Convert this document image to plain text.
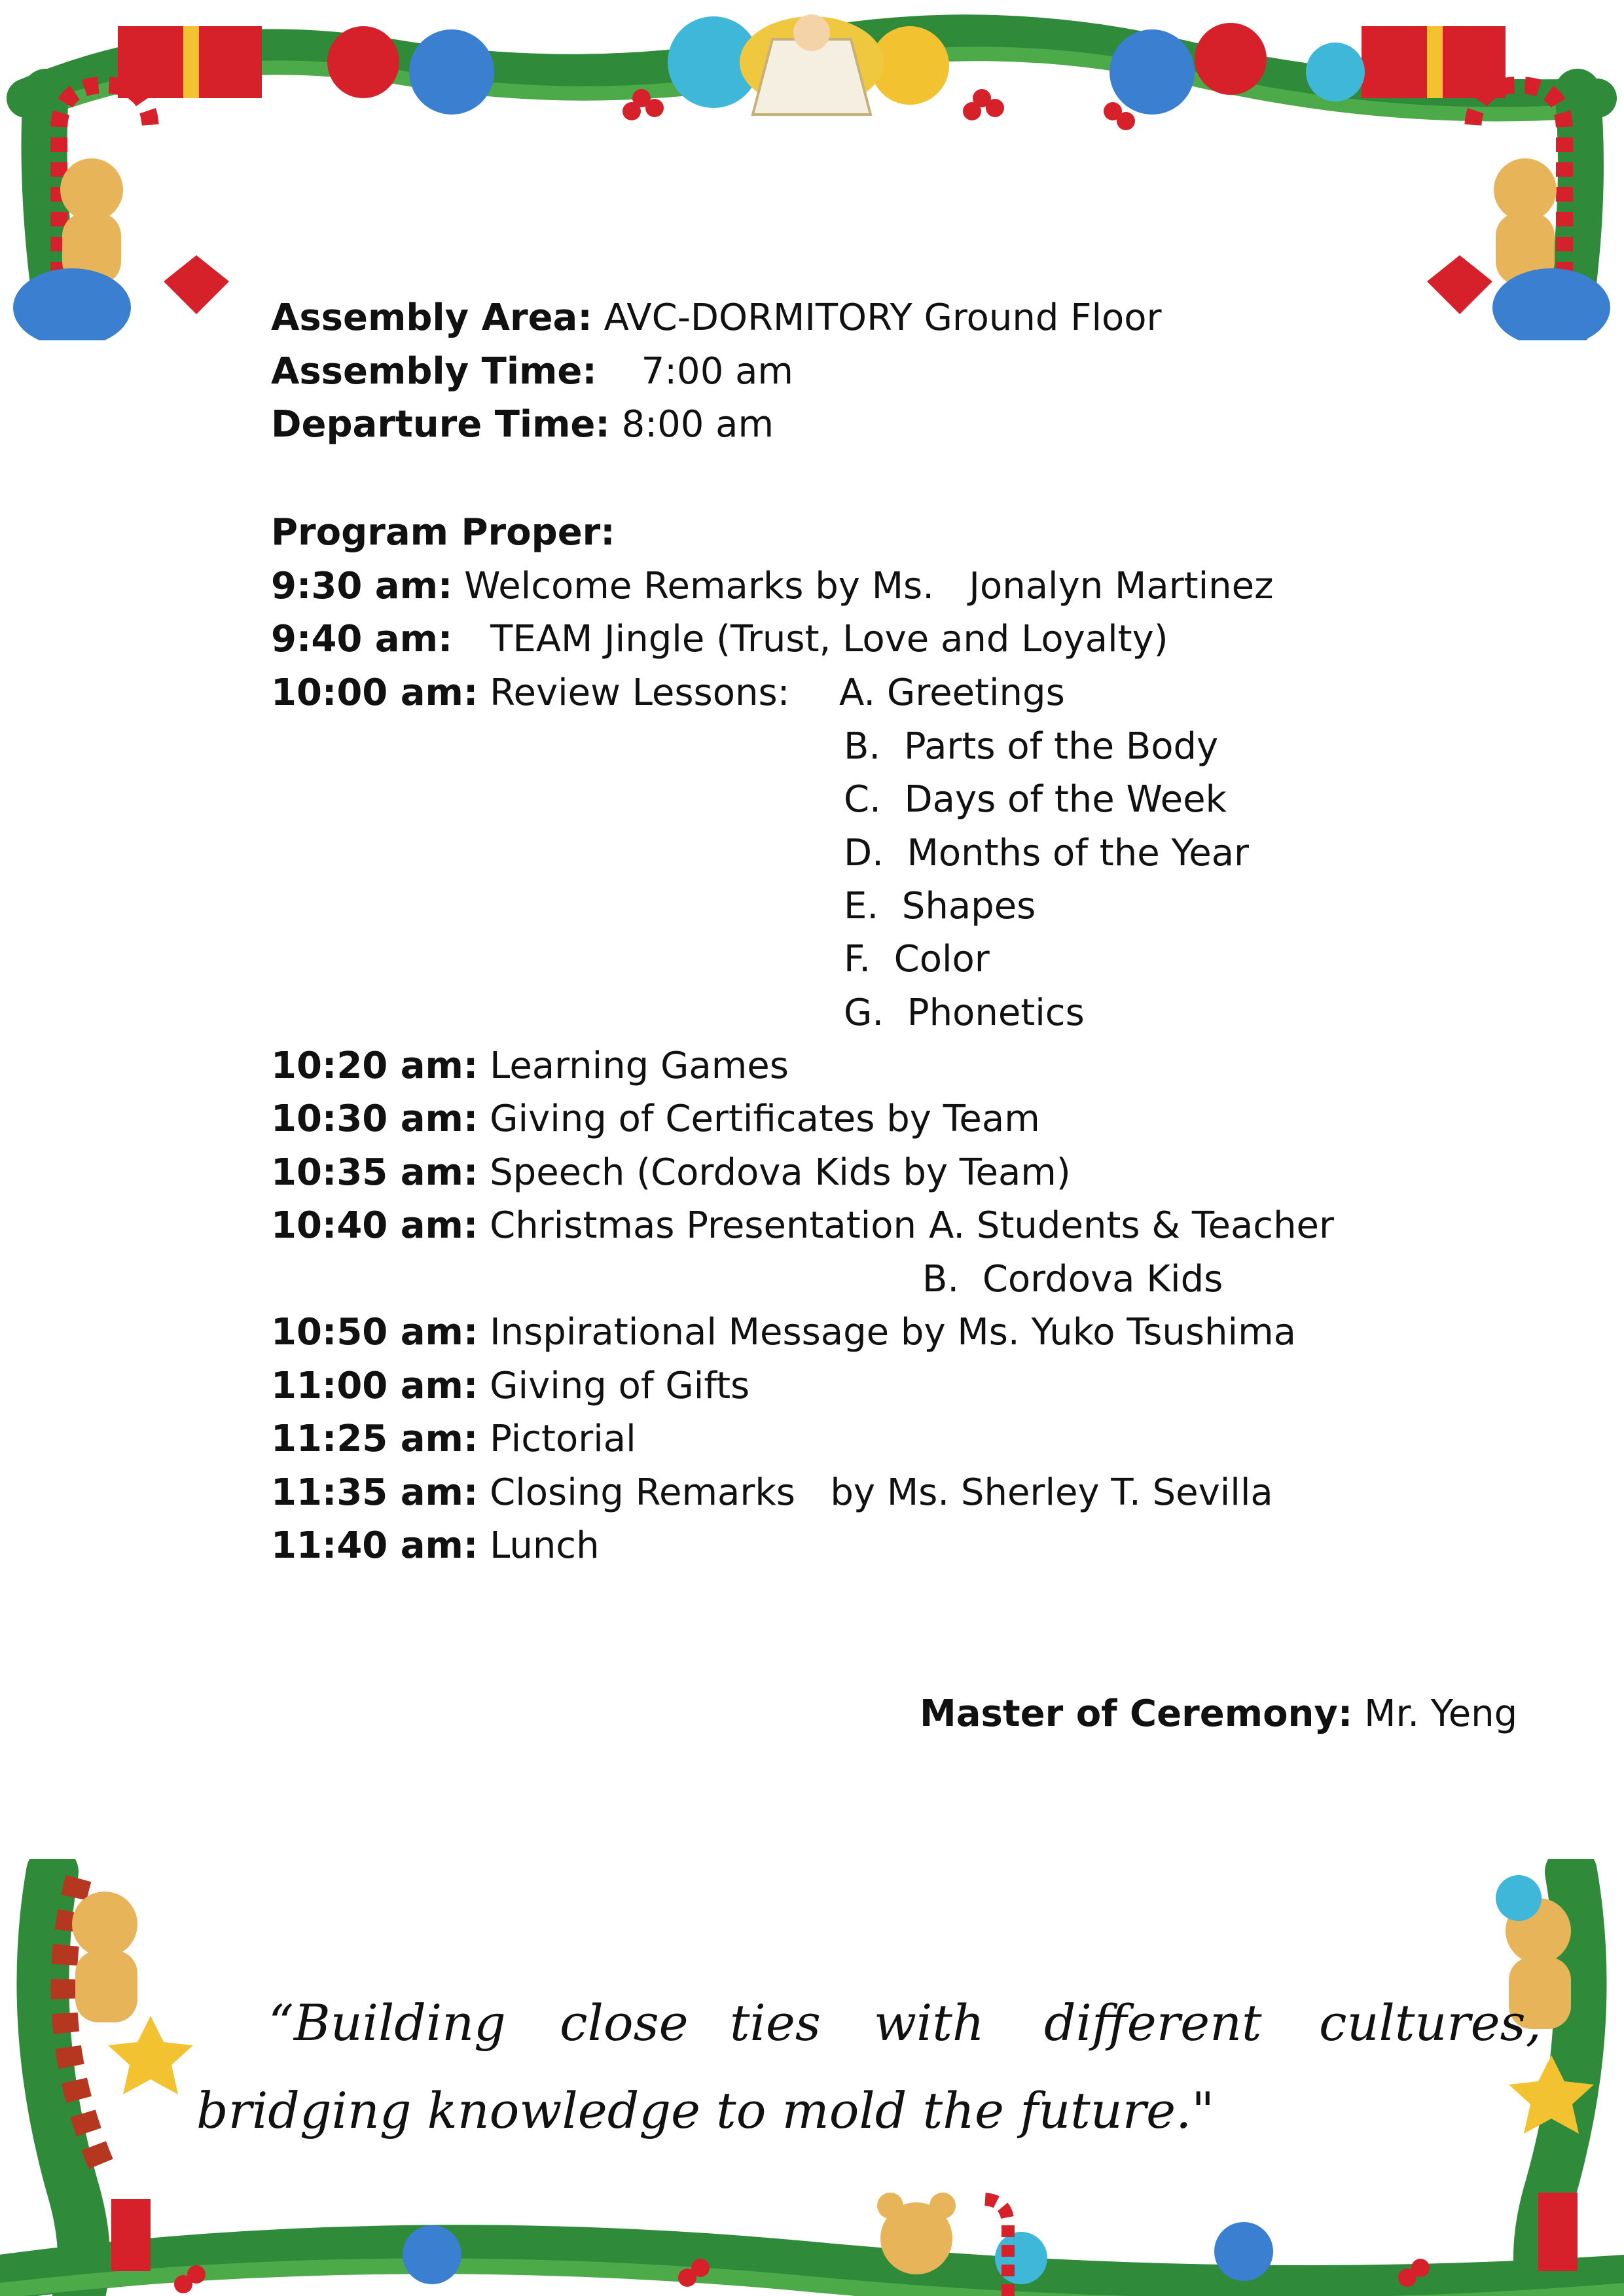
Assembly Area: AVC-DORMITORY Ground Floor
Assembly Time: 7:00 am
Departure Time: 8:00 am
Program Proper:
9:30 am: Welcome Remarks by Ms.   Jonalyn Martinez
9:40 am: TEAM Jingle (Trust, Love and Loyalty)
10:00 am: Review Lessons: A. Greetings
B.  Parts of the Body
C.  Days of the Week
D.  Months of the Year
E.  Shapes
F.  Color
G.  Phonetics
10:20 am: Learning Games
10:30 am: Giving of Certificates by Team
10:35 am: Speech (Cordova Kids by Team)
10:40 am: Christmas Presentation A. Students & Teacher
B.  Cordova Kids
10:50 am: Inspirational Message by Ms. Yuko Tsushima
11:00 am: Giving of Gifts
11:25 am: Pictorial
11:35 am: Closing Remarks   by Ms. Sherley T. Sevilla
11:40 am: Lunch
Master of Ceremony: Mr. Yeng
“Building close ties with different cultures,
bridging knowledge to mold the future."
